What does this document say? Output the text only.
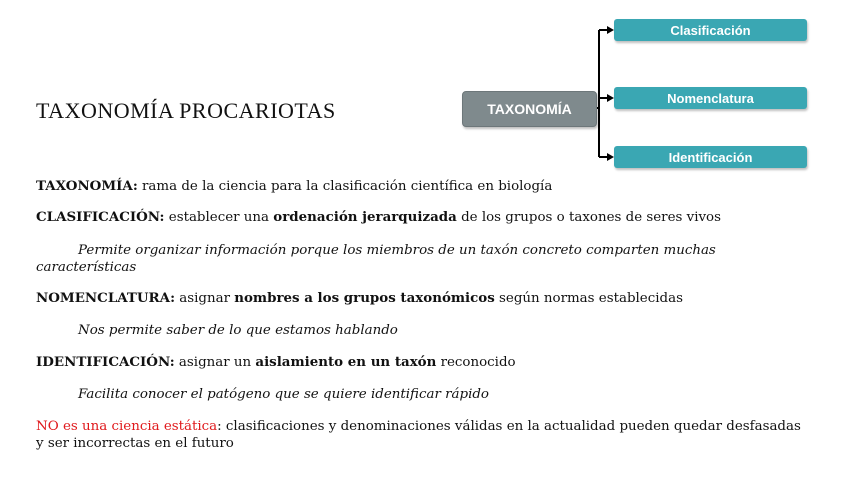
TAXONOMÍA PROCARIOTAS	TAXONOMÍA
Clasificación
Nomenclatura
Identificación
TAXONOMÍA: rama de la ciencia para la clasificación científica en biología
CLASIFICACIÓN: establecer una ordenación jerarquizada de los grupos o taxones de seres vivos
Permite organizar información porque los miembros de un taxón concreto comparten muchas características
NOMENCLATURA: asignar nombres a los grupos taxonómicos según normas establecidas
Nos permite saber de lo que estamos hablando
IDENTIFICACIÓN: asignar un aislamiento en un taxón reconocido
Facilita conocer el patógeno que se quiere identificar rápido
NO es una ciencia estática: clasificaciones y denominaciones válidas en la actualidad pueden quedar desfasadas y ser incorrectas en el futuro
